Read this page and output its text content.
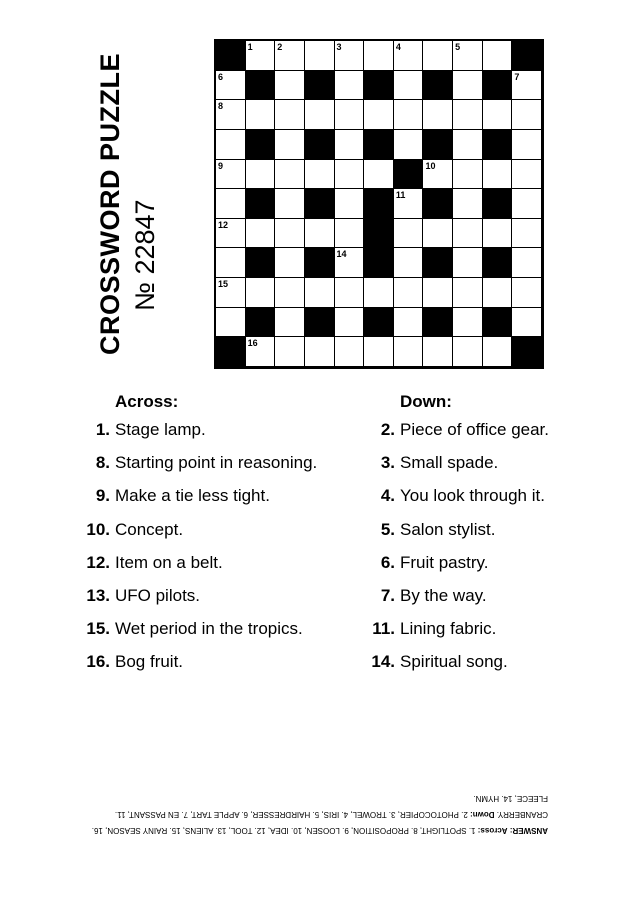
CROSSWORD PUZZLE № 22847
1	2	3	4	5
6	7
8
9	10
11
12	13
14
15
16
Across:
1. Stage lamp.
8. Starting point in reasoning.
9. Make a tie less tight.
10. Concept.
12. Item on a belt.
13. UFO pilots.
15. Wet period in the tropics.
16. Bog fruit.
Down:
2. Piece of office gear.
3. Small spade.
4. You look through it.
5. Salon stylist.
6. Fruit pastry.
7. By the way.
11. Lining fabric.
14. Spiritual song.
ANSWER: Across: 1. SPOTLIGHT, 8. PROPOSITION, 9. LOOSEN, 10. IDEA, 12. TOOL, 13. ALIENS, 15. RAINY SEASON, 16. CRANBERRY. Down: 2. PHOTOCOPIER, 3. TROWEL, 4. IRIS, 5. HAIRDRESSER, 6. APPLE TART, 7. EN PASSANT, 11. FLEECE, 14. HYMN.
